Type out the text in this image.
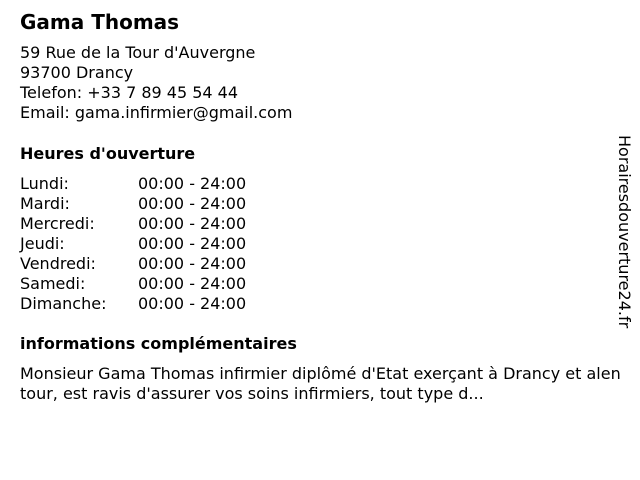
Gama Thomas
59 Rue de la Tour d'Auvergne
93700 Drancy
Telefon: +33 7 89 45 54 44
Email: gama.infirmier@gmail.com
Heures d'ouverture
Lundi:	00:00 - 24:00
Mardi:	00:00 - 24:00
Mercredi:	00:00 - 24:00
Jeudi:	00:00 - 24:00
Vendredi:	00:00 - 24:00
Samedi:	00:00 - 24:00
Dimanche:	00:00 - 24:00
informations complémentaires
Monsieur Gama Thomas infirmier diplômé d'Etat exerçant à Drancy et alentour, est ravis d'assurer vos soins infirmiers, tout type d...
Horairesdouverture24.fr
